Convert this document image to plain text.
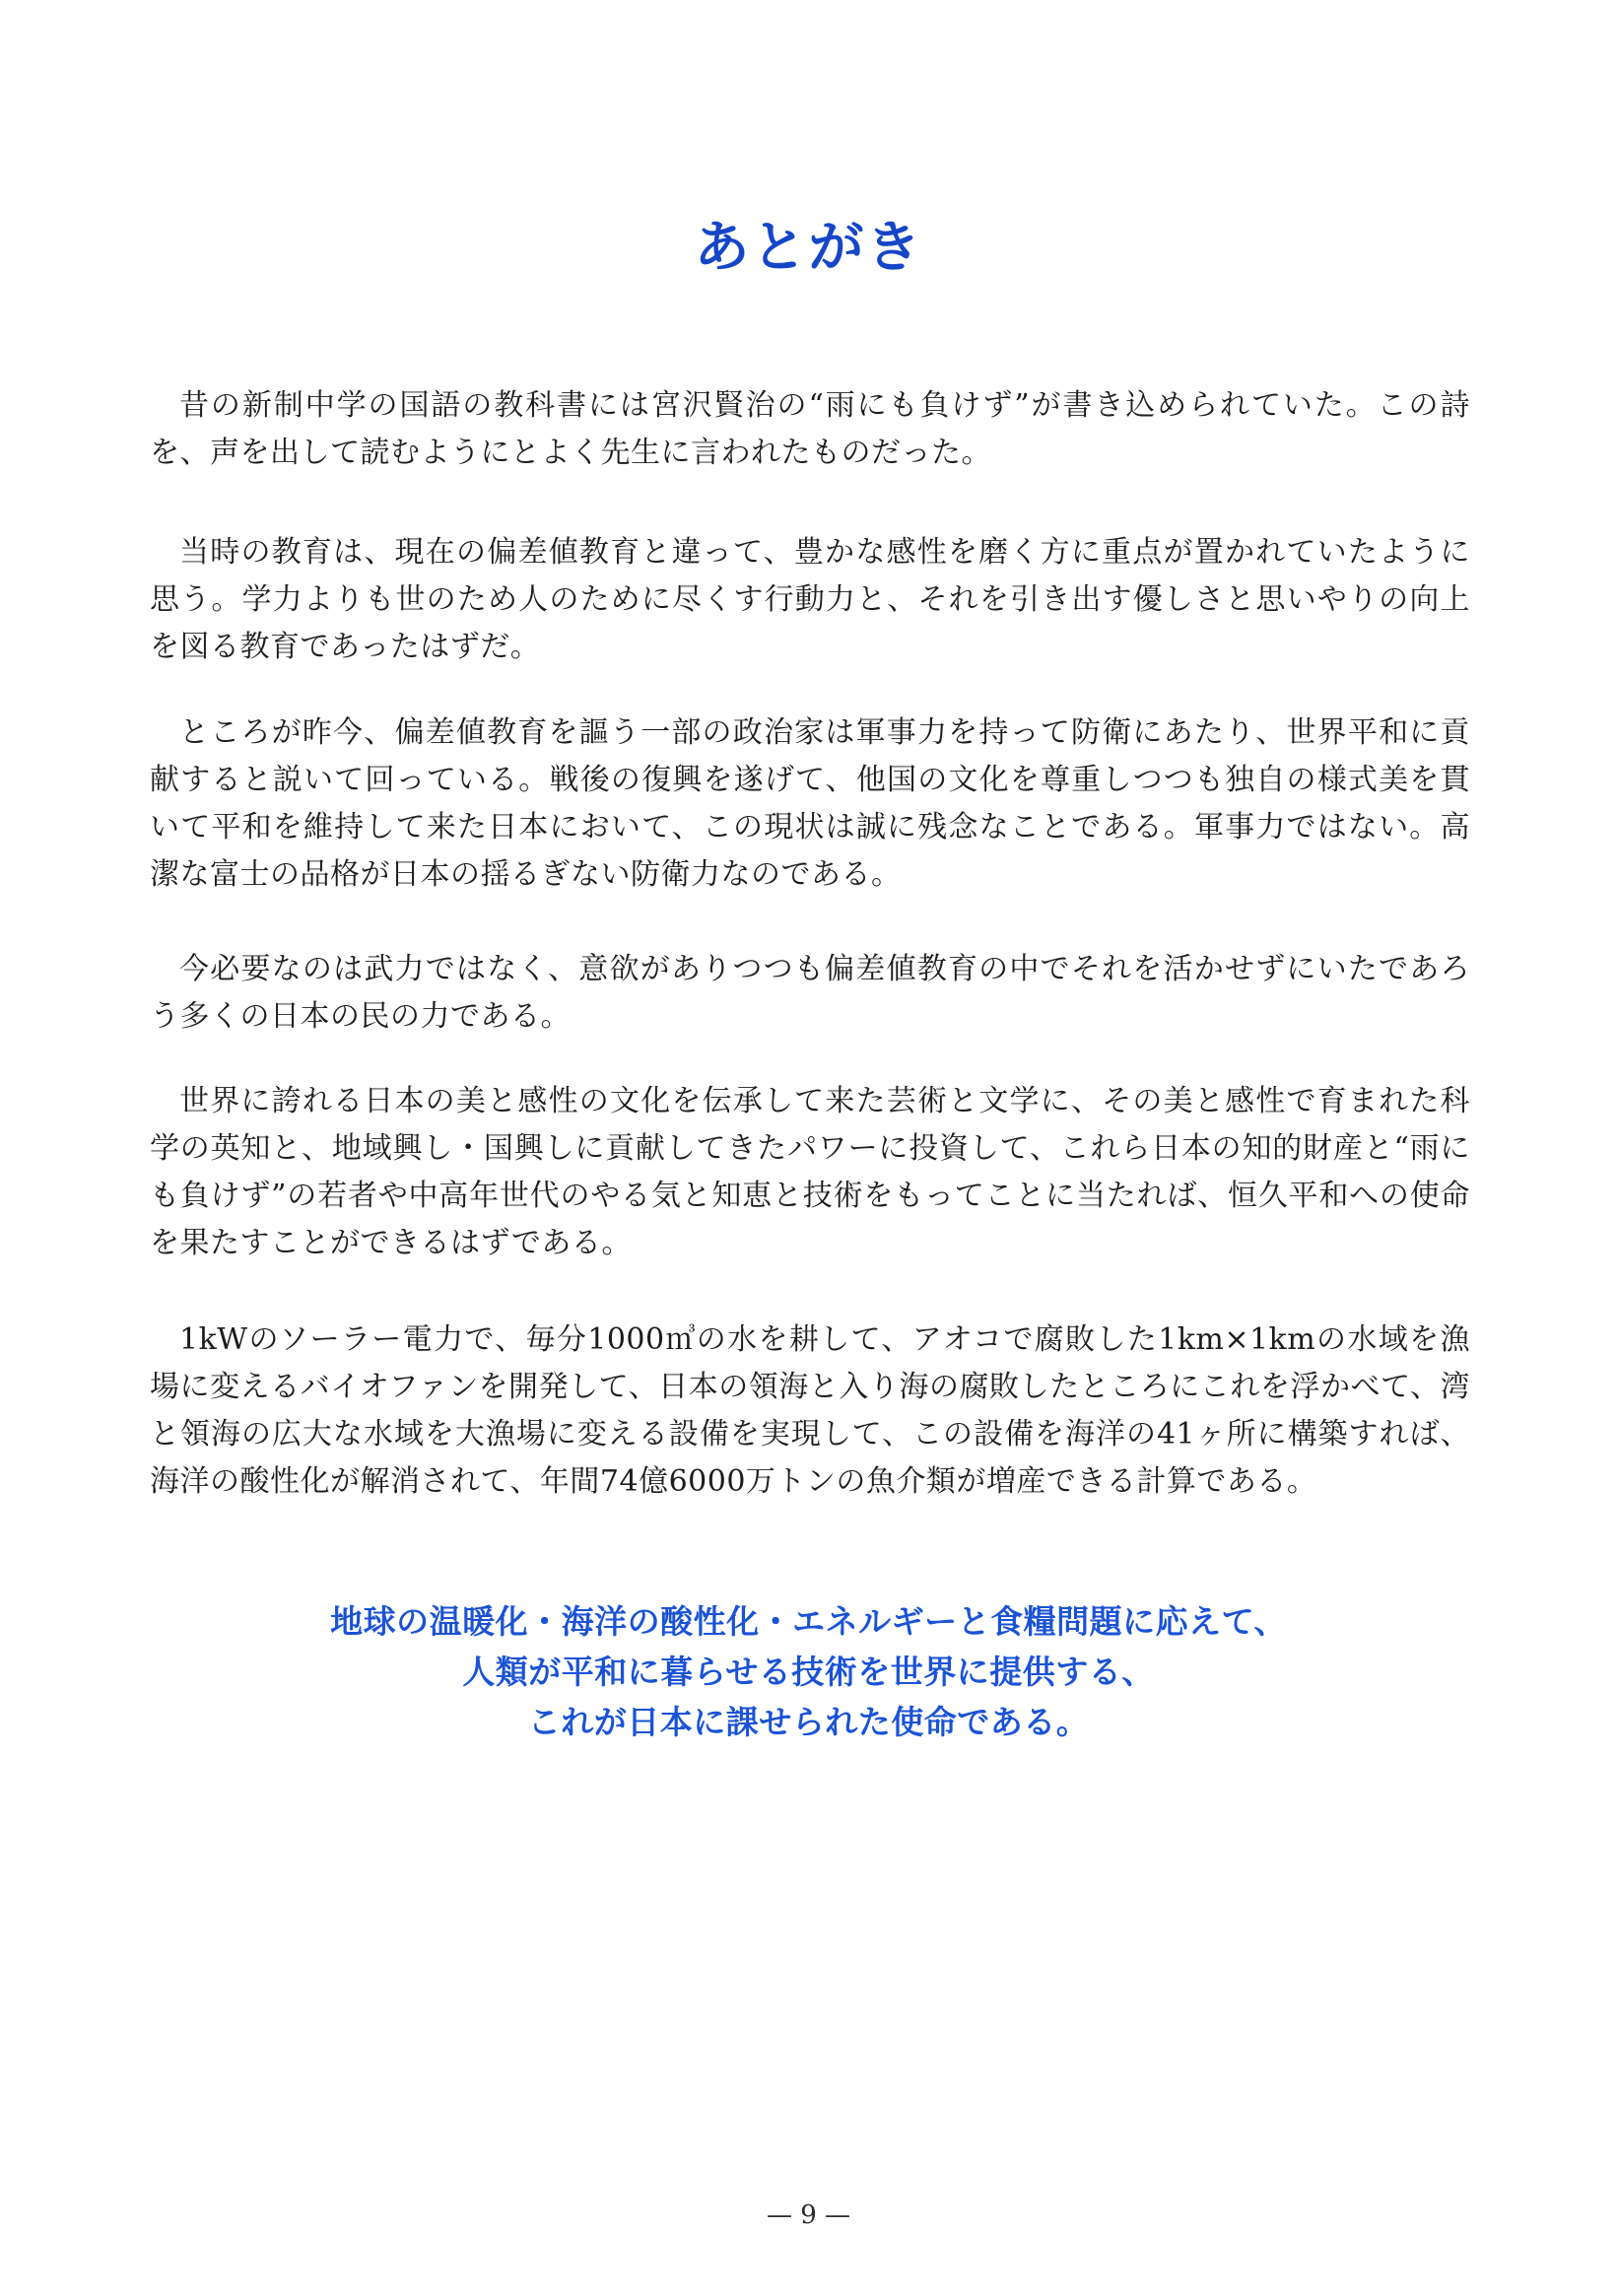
あとがき

昔の新制中学の国語の教科書には宮沢賢治の“雨にも負けず”が書き込められていた。この詩を、声を出して読むようにとよく先生に言われたものだった。

当時の教育は、現在の偏差値教育と違って、豊かな感性を磨く方に重点が置かれていたように思う。学力よりも世のため人のために尽くす行動力と、それを引き出す優しさと思いやりの向上を図る教育であったはずだ。

ところが昨今、偏差値教育を謳う一部の政治家は軍事力を持って防衛にあたり、世界平和に貢献すると説いて回っている。戦後の復興を遂げて、他国の文化を尊重しつつも独自の様式美を貫いて平和を維持して来た日本において、この現状は誠に残念なことである。軍事力ではない。高潔な富士の品格が日本の揺るぎない防衛力なのである。

今必要なのは武力ではなく、意欲がありつつも偏差値教育の中でそれを活かせずにいたであろう多くの日本の民の力である。

世界に誇れる日本の美と感性の文化を伝承して来た芸術と文学に、その美と感性で育まれた科学の英知と、地域興し・国興しに貢献してきたパワーに投資して、これら日本の知的財産と“雨にも負けず”の若者や中高年世代のやる気と知恵と技術をもってことに当たれば、恒久平和への使命を果たすことができるはずである。

1kWのソーラー電力で、毎分1000㎥の水を耕して、アオコで腐敗した1km×1kmの水域を漁場に変えるバイオファンを開発して、日本の領海と入り海の腐敗したところにこれを浮かべて、湾と領海の広大な水域を大漁場に変える設備を実現して、この設備を海洋の41ヶ所に構築すれば、海洋の酸性化が解消されて、年間74億6000万トンの魚介類が増産できる計算である。

地球の温暖化・海洋の酸性化・エネルギーと食糧問題に応えて、
人類が平和に暮らせる技術を世界に提供する、
これが日本に課せられた使命である。
— 9 —
